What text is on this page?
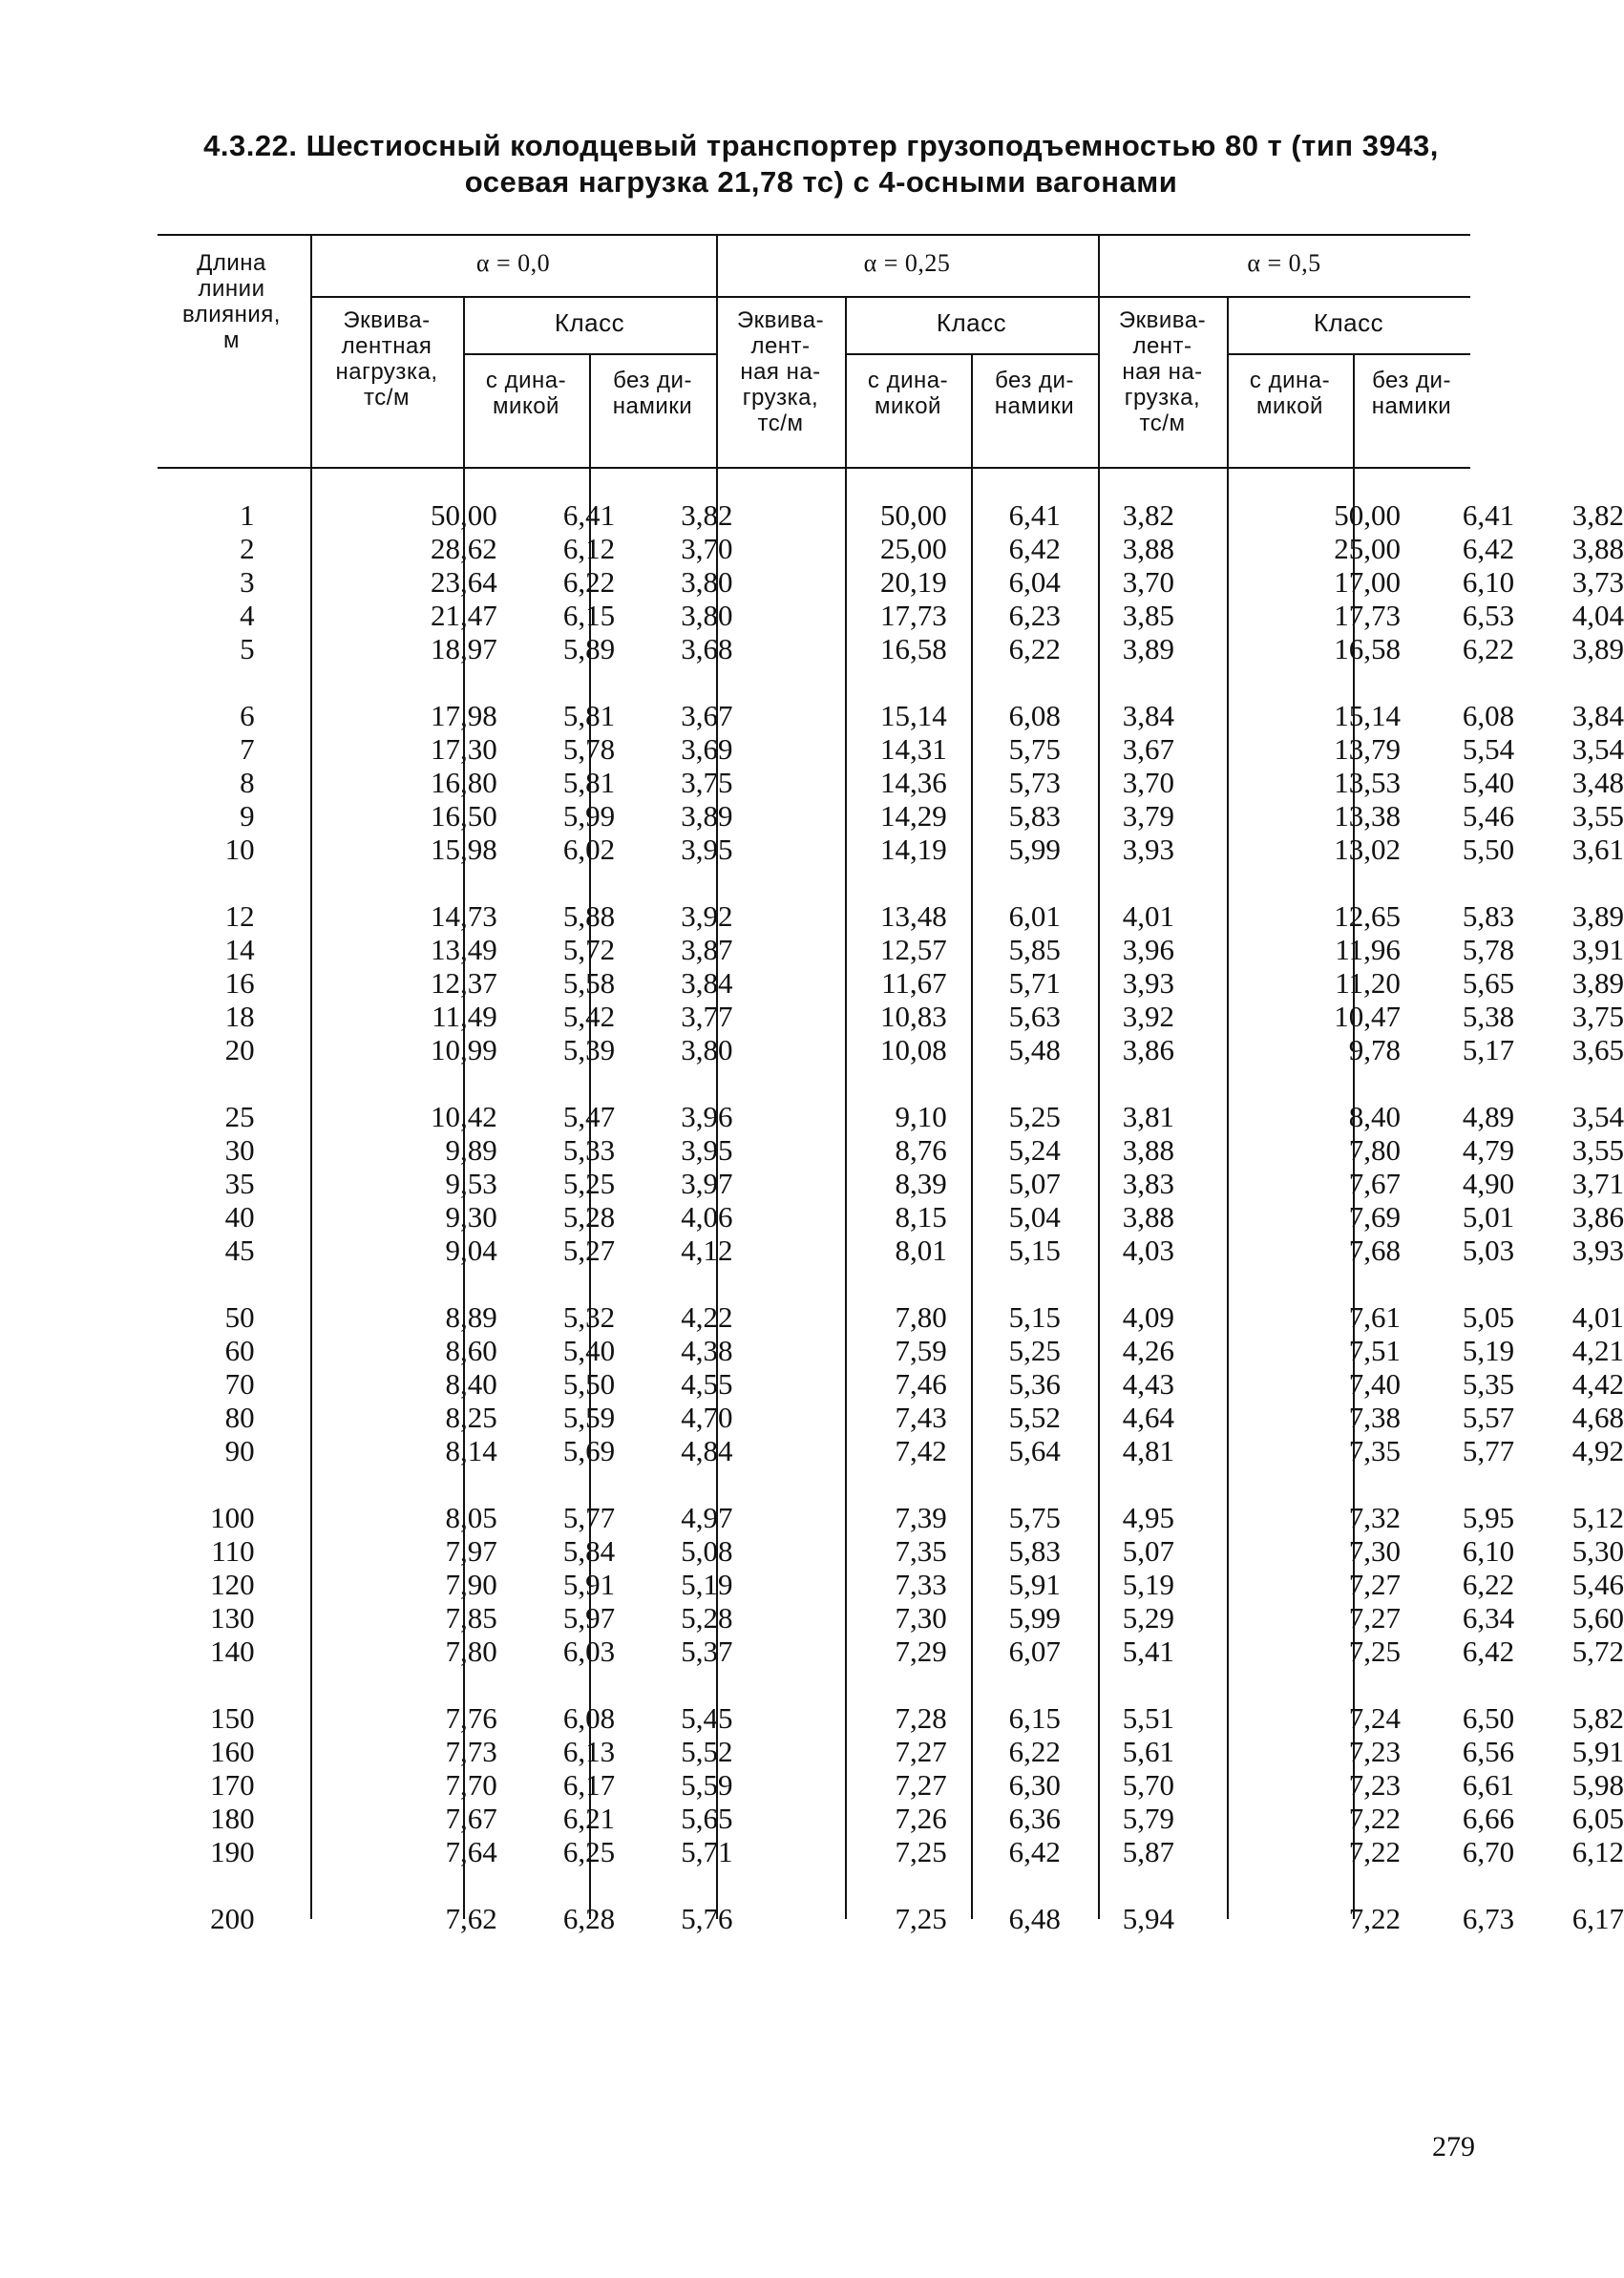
4.3.22. Шестиосный колодцевый транспортер грузоподъемностью 80 т (тип 3943,
осевая нагрузка 21,78 тс) с 4-осными вагонами
Длина
линии
влияния,
м
α = 0,0	α = 0,25	α = 0,5
Эквива-
лентная
нагрузка,
тс/м
Эквива-
лент-
ная на-
грузка,
тс/м
Эквива-
лент-
ная на-
грузка,
тс/м
Класс	Класс	Класс
с дина-
микой
без ди-
намики
с дина-
микой
без ди-
намики
с дина-
микой
без ди-
намики
1	50,00	6,41	3,82	50,00	6,41	3,82	50,00	6,41	3,82
2	28,62	6,12	3,70	25,00	6,42	3,88	25,00	6,42	3,88
3	23,64	6,22	3,80	20,19	6,04	3,70	17,00	6,10	3,73
4	21,47	6,15	3,80	17,73	6,23	3,85	17,73	6,53	4,04
5	18,97	5,89	3,68	16,58	6,22	3,89	16,58	6,22	3,89

6	17,98	5,81	3,67	15,14	6,08	3,84	15,14	6,08	3,84
7	17,30	5,78	3,69	14,31	5,75	3,67	13,79	5,54	3,54
8	16,80	5,81	3,75	14,36	5,73	3,70	13,53	5,40	3,48
9	16,50	5,99	3,89	14,29	5,83	3,79	13,38	5,46	3,55
10	15,98	6,02	3,95	14,19	5,99	3,93	13,02	5,50	3,61

12	14,73	5,88	3,92	13,48	6,01	4,01	12,65	5,83	3,89
14	13,49	5,72	3,87	12,57	5,85	3,96	11,96	5,78	3,91
16	12,37	5,58	3,84	11,67	5,71	3,93	11,20	5,65	3,89
18	11,49	5,42	3,77	10,83	5,63	3,92	10,47	5,38	3,75
20	10,99	5,39	3,80	10,08	5,48	3,86	9,78	5,17	3,65

25	10,42	5,47	3,96	9,10	5,25	3,81	8,40	4,89	3,54
30	9,89	5,33	3,95	8,76	5,24	3,88	7,80	4,79	3,55
35	9,53	5,25	3,97	8,39	5,07	3,83	7,67	4,90	3,71
40	9,30	5,28	4,06	8,15	5,04	3,88	7,69	5,01	3,86
45	9,04	5,27	4,12	8,01	5,15	4,03	7,68	5,03	3,93

50	8,89	5,32	4,22	7,80	5,15	4,09	7,61	5,05	4,01
60	8,60	5,40	4,38	7,59	5,25	4,26	7,51	5,19	4,21
70	8,40	5,50	4,55	7,46	5,36	4,43	7,40	5,35	4,42
80	8,25	5,59	4,70	7,43	5,52	4,64	7,38	5,57	4,68
90	8,14	5,69	4,84	7,42	5,64	4,81	7,35	5,77	4,92

100	8,05	5,77	4,97	7,39	5,75	4,95	7,32	5,95	5,12
110	7,97	5,84	5,08	7,35	5,83	5,07	7,30	6,10	5,30
120	7,90	5,91	5,19	7,33	5,91	5,19	7,27	6,22	5,46
130	7,85	5,97	5,28	7,30	5,99	5,29	7,27	6,34	5,60
140	7,80	6,03	5,37	7,29	6,07	5,41	7,25	6,42	5,72

150	7,76	6,08	5,45	7,28	6,15	5,51	7,24	6,50	5,82
160	7,73	6,13	5,52	7,27	6,22	5,61	7,23	6,56	5,91
170	7,70	6,17	5,59	7,27	6,30	5,70	7,23	6,61	5,98
180	7,67	6,21	5,65	7,26	6,36	5,79	7,22	6,66	6,05
190	7,64	6,25	5,71	7,25	6,42	5,87	7,22	6,70	6,12

200	7,62	6,28	5,76	7,25	6,48	5,94	7,22	6,73	6,17
279
